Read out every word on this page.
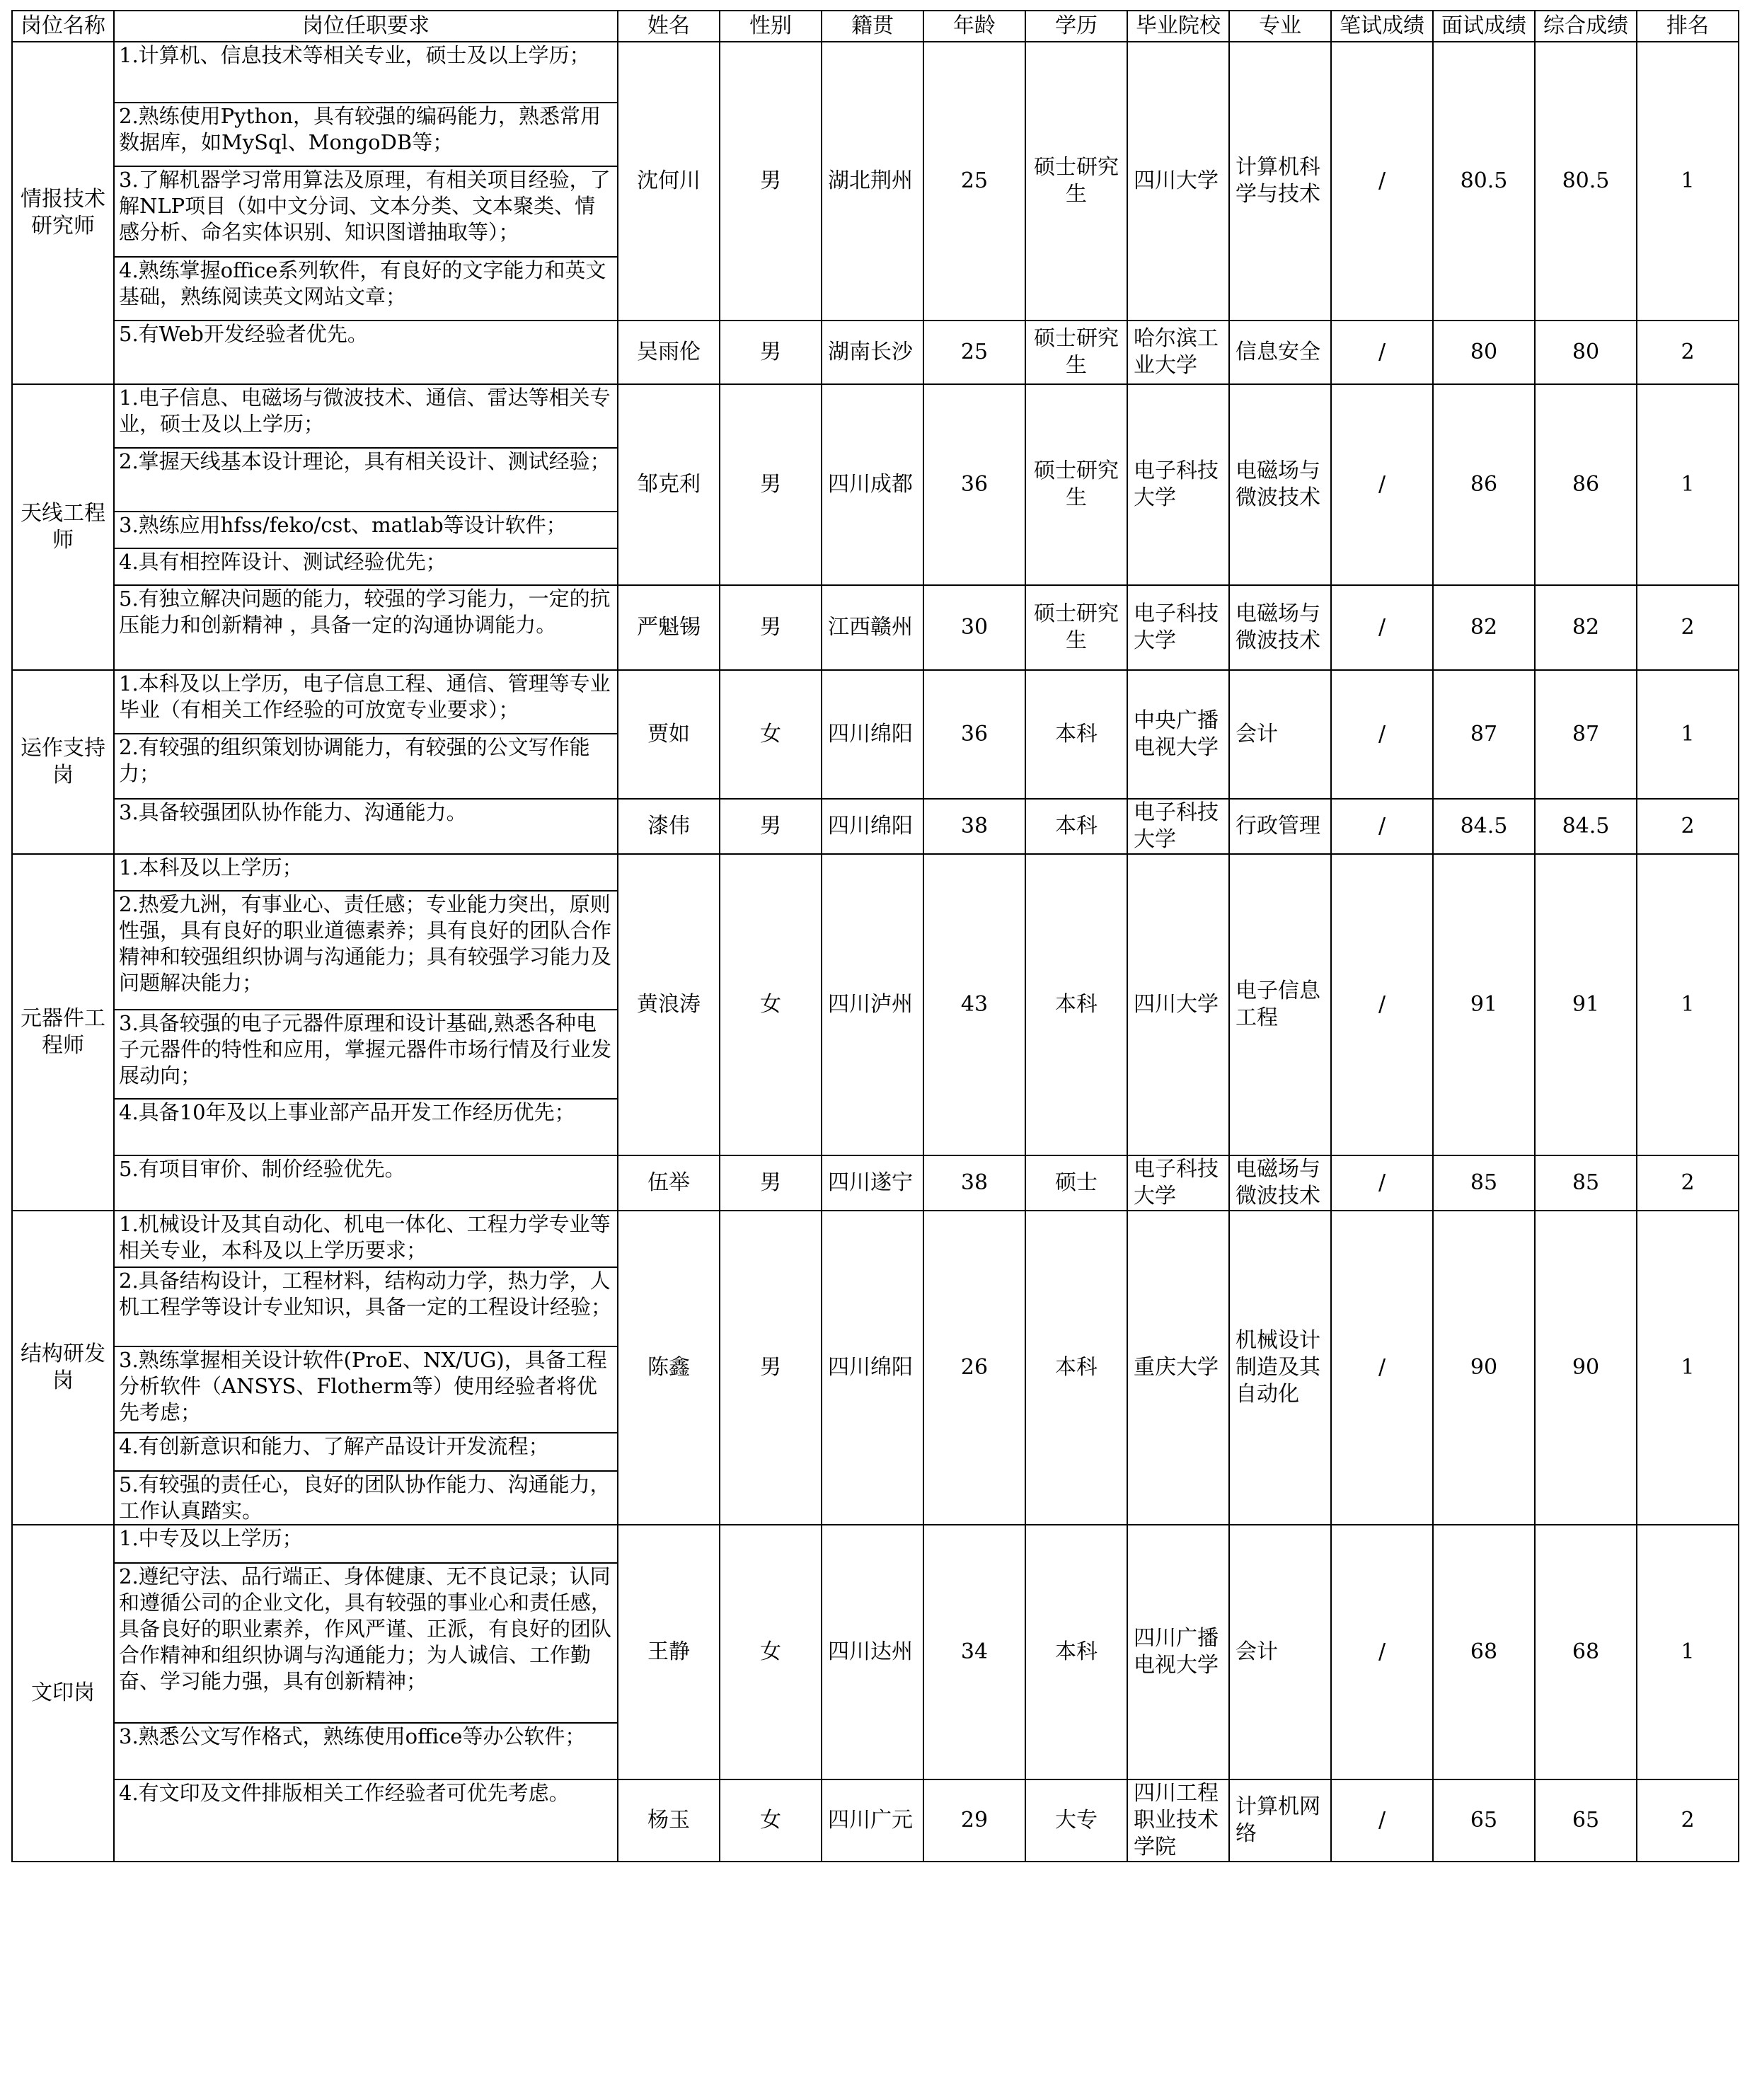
岗位名称	岗位任职要求	姓名	性别	籍贯	年龄	学历	毕业院校	专业	笔试成绩	面试成绩	综合成绩	排名
情报技术研究师	1.计算机、信息技术等相关专业，硕士及以上学历；	沈何川	男	湖北荆州	25	硕士研究生	四川大学	计算机科学与技术	/	80.5	80.5	1
	2.熟练使用Python，具有较强的编码能力，熟悉常用数据库，如MySql、MongoDB等；											
	3.了解机器学习常用算法及原理，有相关项目经验，了解NLP项目（如中文分词、文本分类、文本聚类、情感分析、命名实体识别、知识图谱抽取等）；											
	4.熟练掌握office系列软件，有良好的文字能力和英文基础，熟练阅读英文网站文章；											
	5.有Web开发经验者优先。	吴雨伦	男	湖南长沙	25	硕士研究生	哈尔滨工业大学	信息安全	/	80	80	2
天线工程师	1.电子信息、电磁场与微波技术、通信、雷达等相关专业，硕士及以上学历；	邹克利	男	四川成都	36	硕士研究生	电子科技大学	电磁场与微波技术	/	86	86	1
	2.掌握天线基本设计理论，具有相关设计、测试经验；											
	3.熟练应用hfss/feko/cst、matlab等设计软件；											
	4.具有相控阵设计、测试经验优先；											
	5.有独立解决问题的能力，较强的学习能力，一定的抗压能力和创新精神 ，具备一定的沟通协调能力。	严魁锡	男	江西赣州	30	硕士研究生	电子科技大学	电磁场与微波技术	/	82	82	2
运作支持岗	1.本科及以上学历，电子信息工程、通信、管理等专业毕业（有相关工作经验的可放宽专业要求）；	贾如	女	四川绵阳	36	本科	中央广播电视大学	会计	/	87	87	1
	2.有较强的组织策划协调能力，有较强的公文写作能力；											
	3.具备较强团队协作能力、沟通能力。	漆伟	男	四川绵阳	38	本科	电子科技大学	行政管理	/	84.5	84.5	2
元器件工程师	1.本科及以上学历；	黄浪涛	女	四川泸州	43	本科	四川大学	电子信息工程	/	91	91	1
	2.热爱九洲，有事业心、责任感；专业能力突出，原则性强，具有良好的职业道德素养；具有良好的团队合作精神和较强组织协调与沟通能力；具有较强学习能力及问题解决能力；											
	3.具备较强的电子元器件原理和设计基础,熟悉各种电子元器件的特性和应用，掌握元器件市场行情及行业发展动向；											
	4.具备10年及以上事业部产品开发工作经历优先；											
	5.有项目审价、制价经验优先。	伍举	男	四川遂宁	38	硕士	电子科技大学	电磁场与微波技术	/	85	85	2
结构研发岗	1.机械设计及其自动化、机电一体化、工程力学专业等相关专业，本科及以上学历要求；	陈鑫	男	四川绵阳	26	本科	重庆大学	机械设计制造及其自动化	/	90	90	1
	2.具备结构设计，工程材料，结构动力学，热力学，人机工程学等设计专业知识，具备一定的工程设计经验；											
	3.熟练掌握相关设计软件(ProE、NX/UG)，具备工程分析软件（ANSYS、Flotherm等）使用经验者将优先考虑；											
	4.有创新意识和能力、了解产品设计开发流程；											
	5.有较强的责任心，良好的团队协作能力、沟通能力，工作认真踏实。											
文印岗	1.中专及以上学历；	王静	女	四川达州	34	本科	四川广播电视大学	会计	/	68	68	1
	2.遵纪守法、品行端正、身体健康、无不良记录；认同和遵循公司的企业文化，具有较强的事业心和责任感，具备良好的职业素养，作风严谨、正派，有良好的团队合作精神和组织协调与沟通能力；为人诚信、工作勤奋、学习能力强，具有创新精神；											
	3.熟悉公文写作格式，熟练使用office等办公软件；											
	4.有文印及文件排版相关工作经验者可优先考虑。	杨玉	女	四川广元	29	大专	四川工程职业技术学院	计算机网络	/	65	65	2
